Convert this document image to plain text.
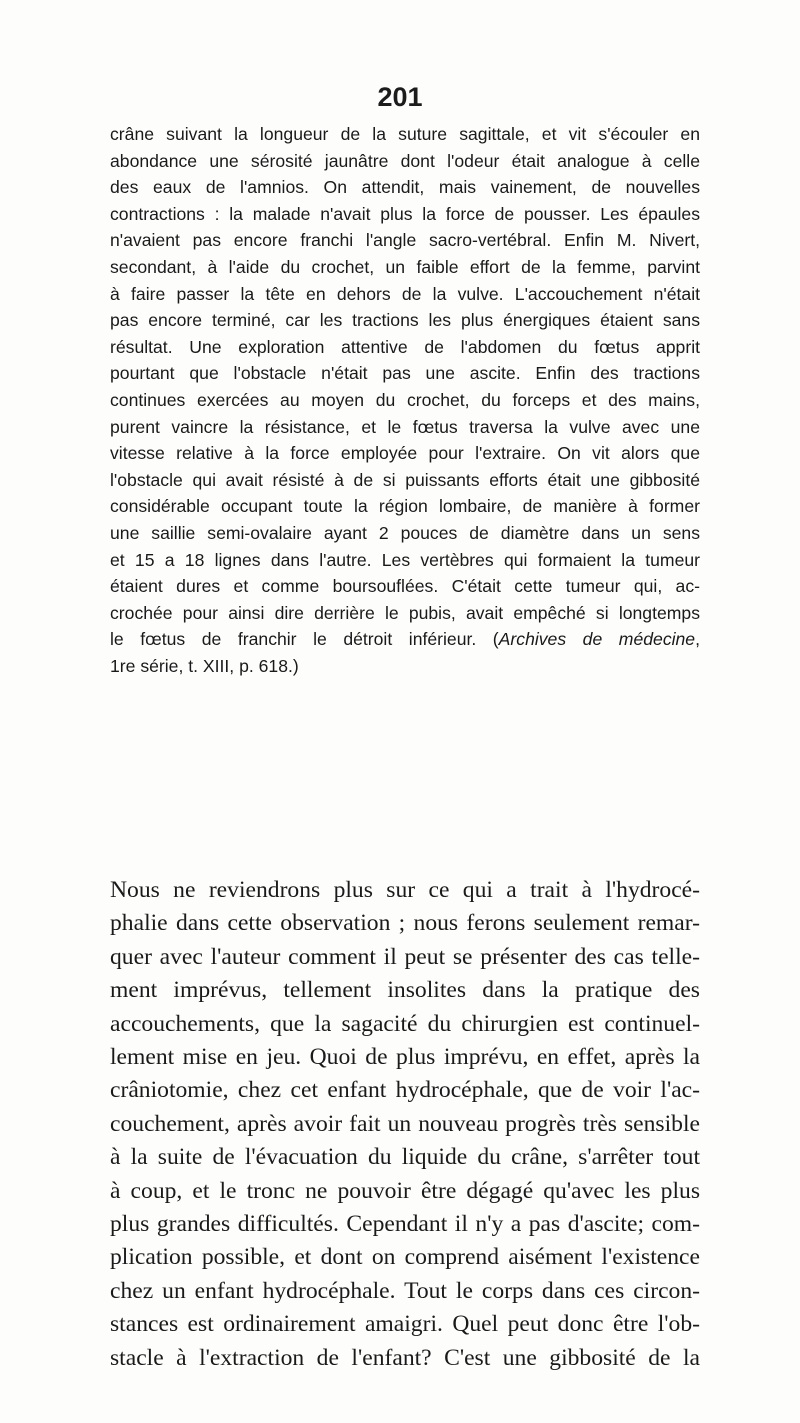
201
crâne suivant la longueur de la suture sagittale, et vit s'écouler en
abondance une sérosité jaunâtre dont l'odeur était analogue à celle
des eaux de l'amnios. On attendit, mais vainement, de nouvelles
contractions : la malade n'avait plus la force de pousser. Les épaules
n'avaient pas encore franchi l'angle sacro-vertébral. Enfin M. Nivert,
secondant, à l'aide du crochet, un faible effort de la femme, parvint
à faire passer la tête en dehors de la vulve. L'accouchement n'était
pas encore terminé, car les tractions les plus énergiques étaient sans
résultat. Une exploration attentive de l'abdomen du fœtus apprit
pourtant que l'obstacle n'était pas une ascite. Enfin des tractions
continues exercées au moyen du crochet, du forceps et des mains,
purent vaincre la résistance, et le fœtus traversa la vulve avec une
vitesse relative à la force employée pour l'extraire. On vit alors que
l'obstacle qui avait résisté à de si puissants efforts était une gibbosité
considérable occupant toute la région lombaire, de manière à former
une saillie semi-ovalaire ayant 2 pouces de diamètre dans un sens
et 15 a 18 lignes dans l'autre. Les vertèbres qui formaient la tumeur
étaient dures et comme boursouflées. C'était cette tumeur qui, ac-
crochée pour ainsi dire derrière le pubis, avait empêché si longtemps
le fœtus de franchir le détroit inférieur. (Archives de médecine,
1re série, t. XIII, p. 618.)
Nous ne reviendrons plus sur ce qui a trait à l'hydrocé-
phalie dans cette observation ; nous ferons seulement remar-
quer avec l'auteur comment il peut se présenter des cas telle-
ment imprévus, tellement insolites dans la pratique des
accouchements, que la sagacité du chirurgien est continuel-
lement mise en jeu. Quoi de plus imprévu, en effet, après la
crâniotomie, chez cet enfant hydrocéphale, que de voir l'ac-
couchement, après avoir fait un nouveau progrès très sensible
à la suite de l'évacuation du liquide du crâne, s'arrêter tout
à coup, et le tronc ne pouvoir être dégagé qu'avec les plus
plus grandes difficultés. Cependant il n'y a pas d'ascite; com-
plication possible, et dont on comprend aisément l'existence
chez un enfant hydrocéphale. Tout le corps dans ces circon-
stances est ordinairement amaigri. Quel peut donc être l'ob-
stacle à l'extraction de l'enfant? C'est une gibbosité de la
